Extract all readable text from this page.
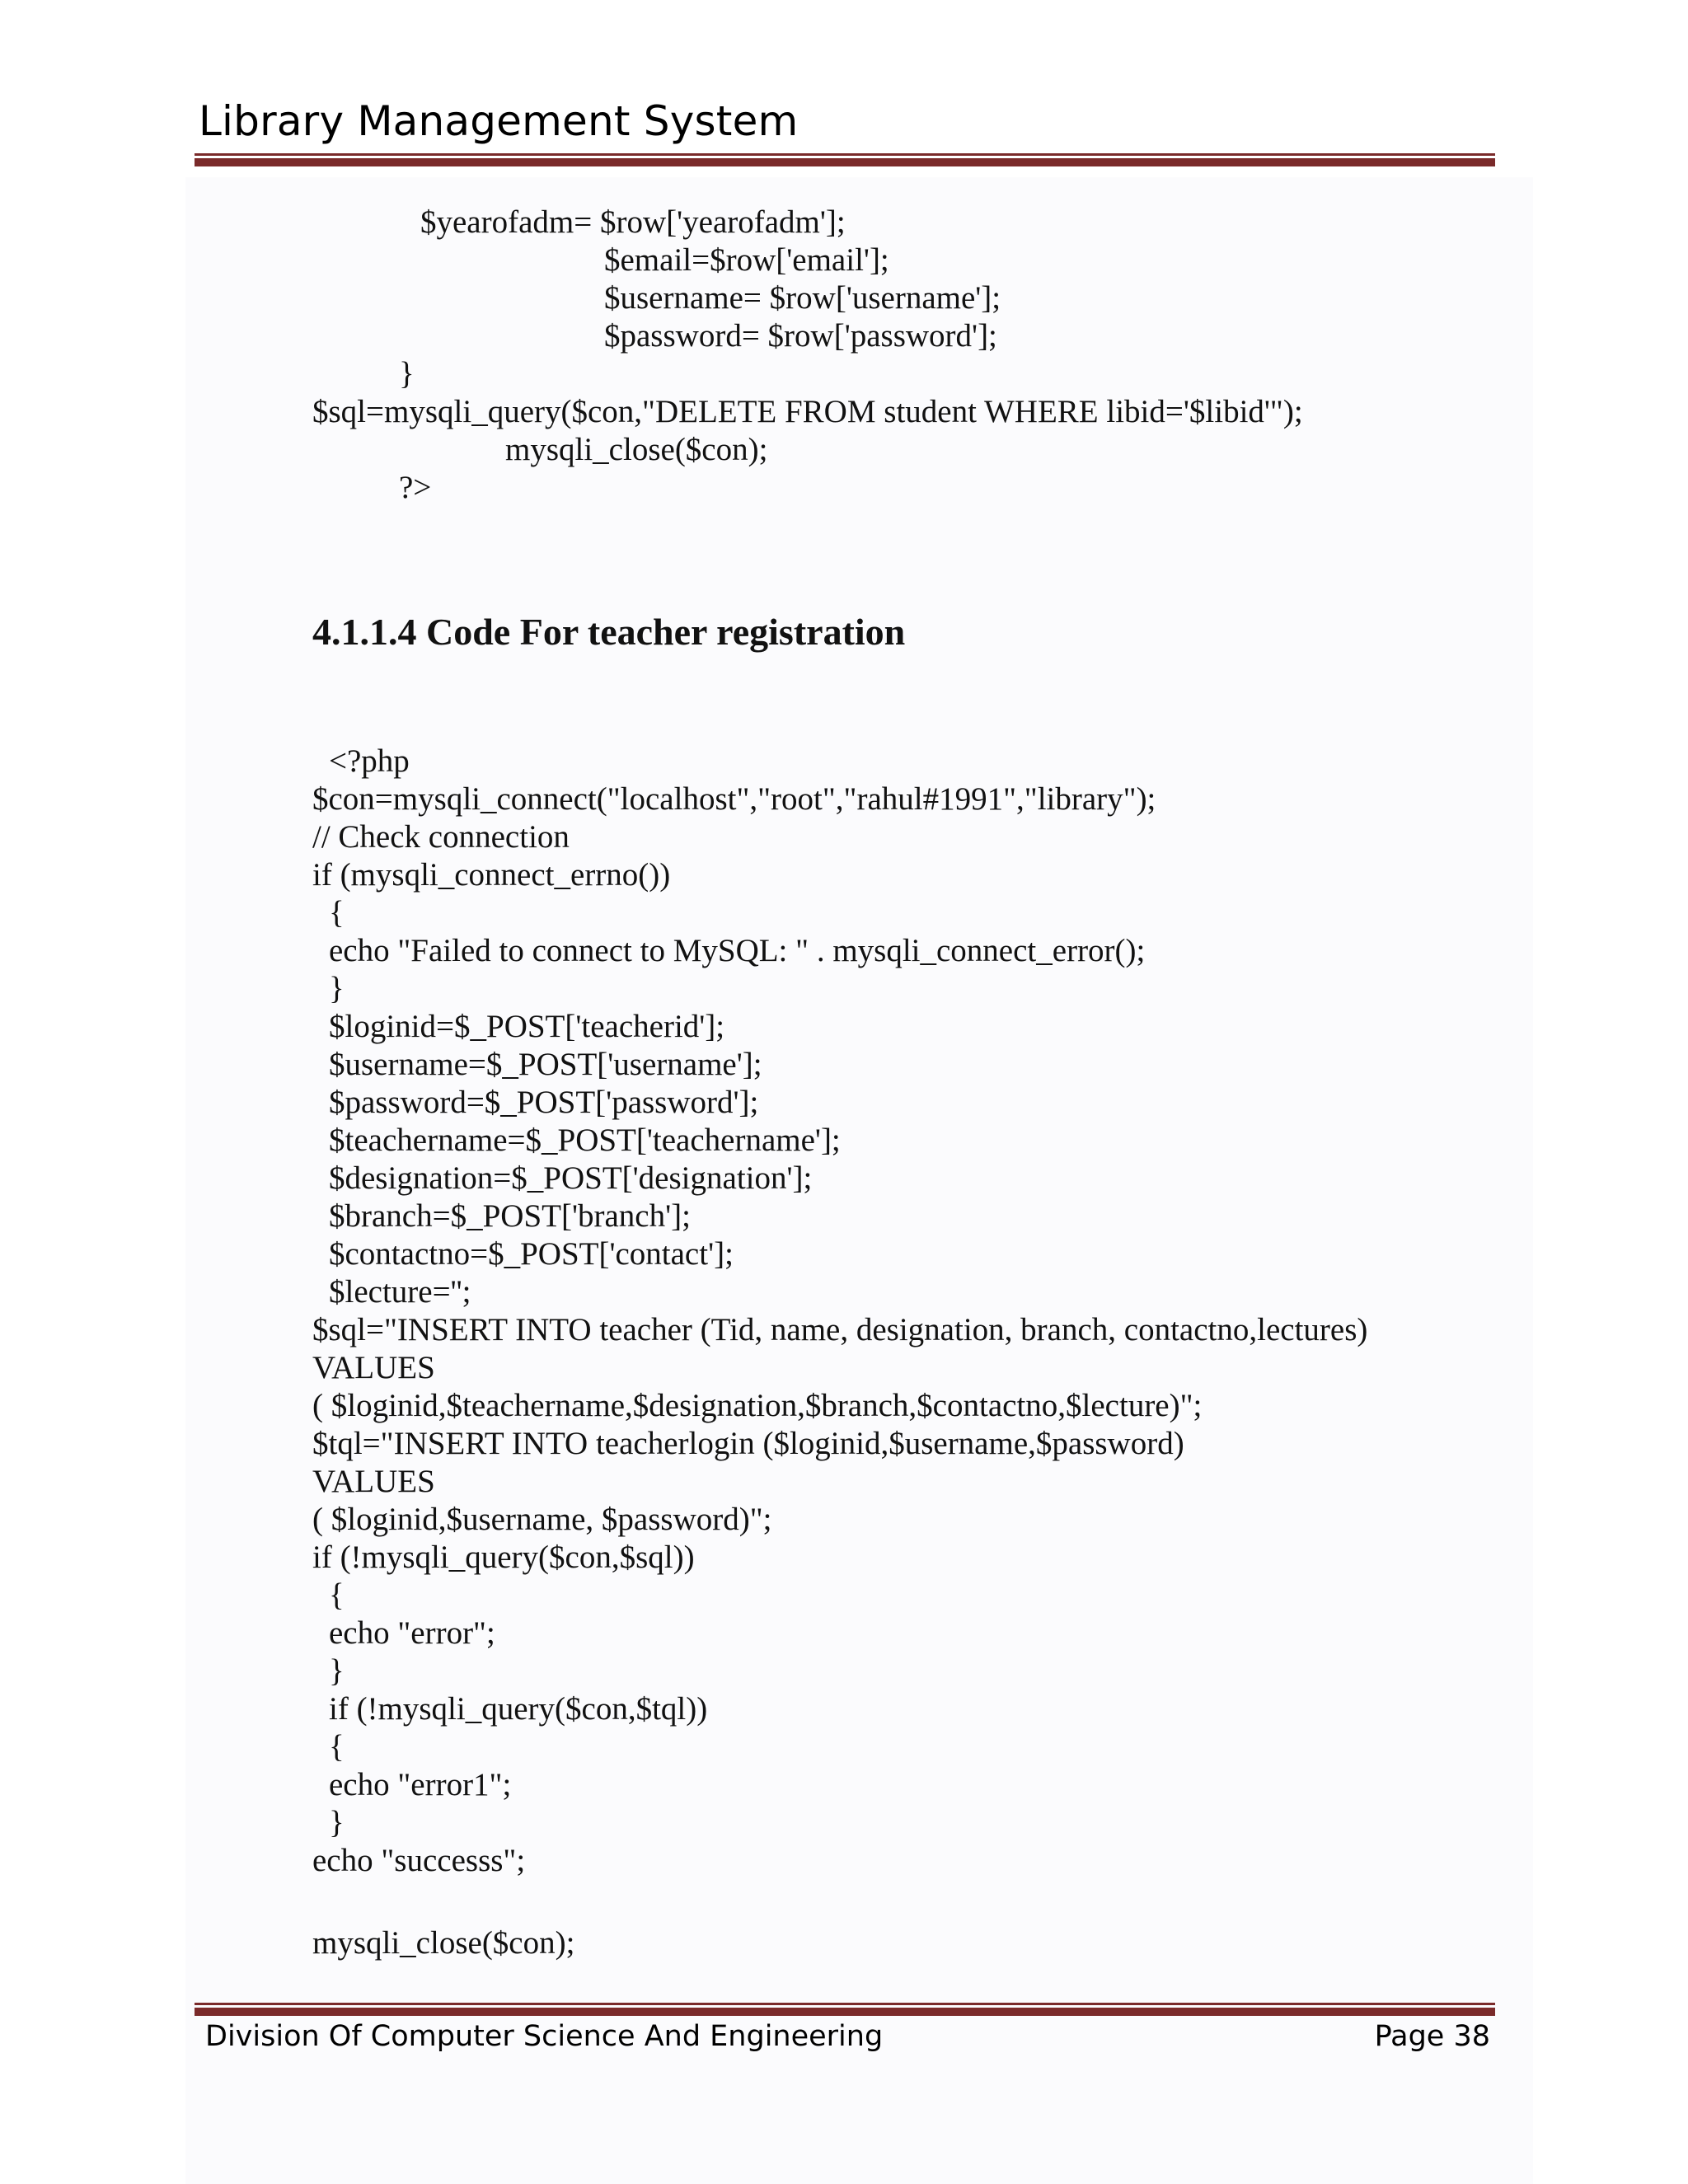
Library Management System

$yearofadm= $row['yearofadm'];

$email=$row['email'];

$username= $row['username'];

$password= $row['password'];

}

$sql=mysqli_query($con,"DELETE FROM student WHERE libid='$libid'");

mysqli_close($con);

?>

4.1.1.4 Code For teacher registration

<?php

$con=mysqli_connect("localhost","root","rahul#1991","library");

// Check connection

if (mysqli_connect_errno())

{

echo "Failed to connect to MySQL: " . mysqli_connect_error();

}

$loginid=$_POST['teacherid'];

$username=$_POST['username'];

$password=$_POST['password'];

$teachername=$_POST['teachername'];

$designation=$_POST['designation'];

$branch=$_POST['branch'];

$contactno=$_POST['contact'];

$lecture='';

$sql="INSERT INTO teacher (Tid, name, designation, branch, contactno,lectures)

VALUES

( $loginid,$teachername,$designation,$branch,$contactno,$lecture)";

$tql="INSERT INTO teacherlogin ($loginid,$username,$password)

VALUES

( $loginid,$username, $password)";

if (!mysqli_query($con,$sql))

{

echo "error";

}

if (!mysqli_query($con,$tql))

{

echo "error1";

}

echo "successs";

mysqli_close($con);

Division Of Computer Science And Engineering	Page 38
